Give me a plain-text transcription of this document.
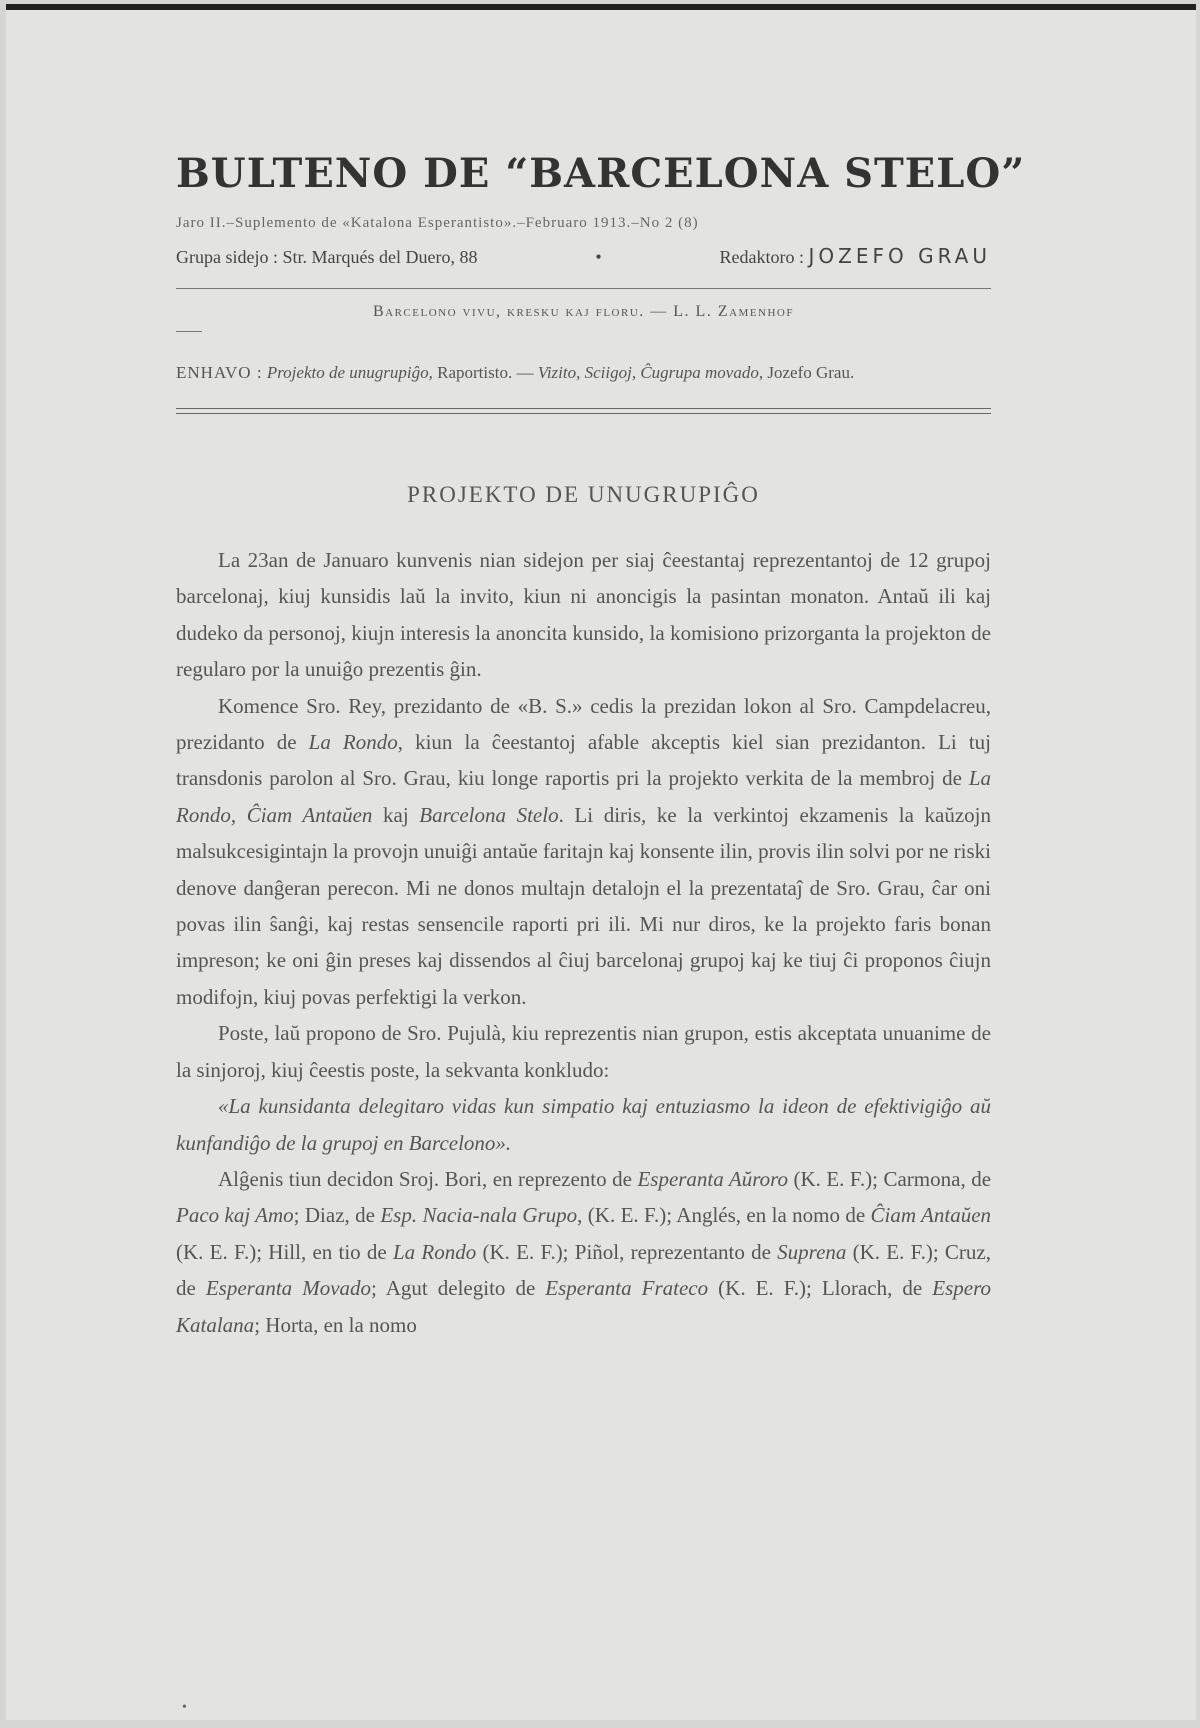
BULTENO DE “BARCELONA STELO”
Jaro II.–Suplemento de «Katalona Esperantisto».–Februaro 1913.–No 2 (8)
Grupa sidejo : Str. Marqués del Duero, 88	•	Redaktoro : JOZEFO GRAU
Barcelono vivu, kresku kaj floru. — L. L. Zamenhof
ENHAVO : Projekto de unugrupiĝo, Raportisto. — Vizito, Sciigoj, Ĉugrupa movado, Jozefo Grau.
PROJEKTO DE UNUGRUPIĜO

La 23an de Januaro kunvenis nian sidejon per siaj ĉeestantaj reprezentantoj de 12 grupoj barcelonaj, kiuj kunsidis laŭ la invito, kiun ni anoncigis la pasintan monaton. Antaŭ ili kaj dudeko da personoj, kiujn interesis la anoncita kunsido, la komisiono prizorganta la projekton de regularo por la unuiĝo prezentis ĝin.

Komence Sro. Rey, prezidanto de «B. S.» cedis la prezidan lokon al Sro. Campdelacreu, prezidanto de La Rondo, kiun la ĉeestantoj afable akceptis kiel sian prezidanton. Li tuj transdonis parolon al Sro. Grau, kiu longe raportis pri la projekto verkita de la membroj de La Rondo, Ĉiam Antaŭen kaj Barcelona Stelo. Li diris, ke la verkintoj ekzamenis la kaŭzojn malsukcesigintajn la provojn unuiĝi antaŭe faritajn kaj konsente ilin, provis ilin solvi por ne riski denove danĝeran perecon. Mi ne donos multajn detalojn el la prezentataĵ de Sro. Grau, ĉar oni povas ilin ŝanĝi, kaj restas sensencile raporti pri ili. Mi nur diros, ke la projekto faris bonan impreson; ke oni ĝin preses kaj dissendos al ĉiuj barcelonaj grupoj kaj ke tiuj ĉi proponos ĉiujn modifojn, kiuj povas perfektigi la verkon.

Poste, laŭ propono de Sro. Pujulà, kiu reprezentis nian grupon, estis akceptata unuanime de la sinjoroj, kiuj ĉeestis poste, la sekvanta konkludo:

«La kunsidanta delegitaro vidas kun simpatio kaj entuziasmo la ideon de efektivigiĝo aŭ kunfandiĝo de la grupoj en Barcelono».

Alĝenis tiun decidon Sroj. Bori, en reprezento de Esperanta Aŭroro (K. E. F.); Carmona, de Paco kaj Amo; Diaz, de Esp. Nacia-nala Grupo, (K. E. F.); Anglés, en la nomo de Ĉiam Antaŭen (K. E. F.); Hill, en tio de La Rondo (K. E. F.); Piñol, reprezentanto de Suprena (K. E. F.); Cruz, de Esperanta Movado; Agut delegito de Esperanta Frateco (K. E. F.); Llorach, de Espero Katalana; Horta, en la nomo

•
